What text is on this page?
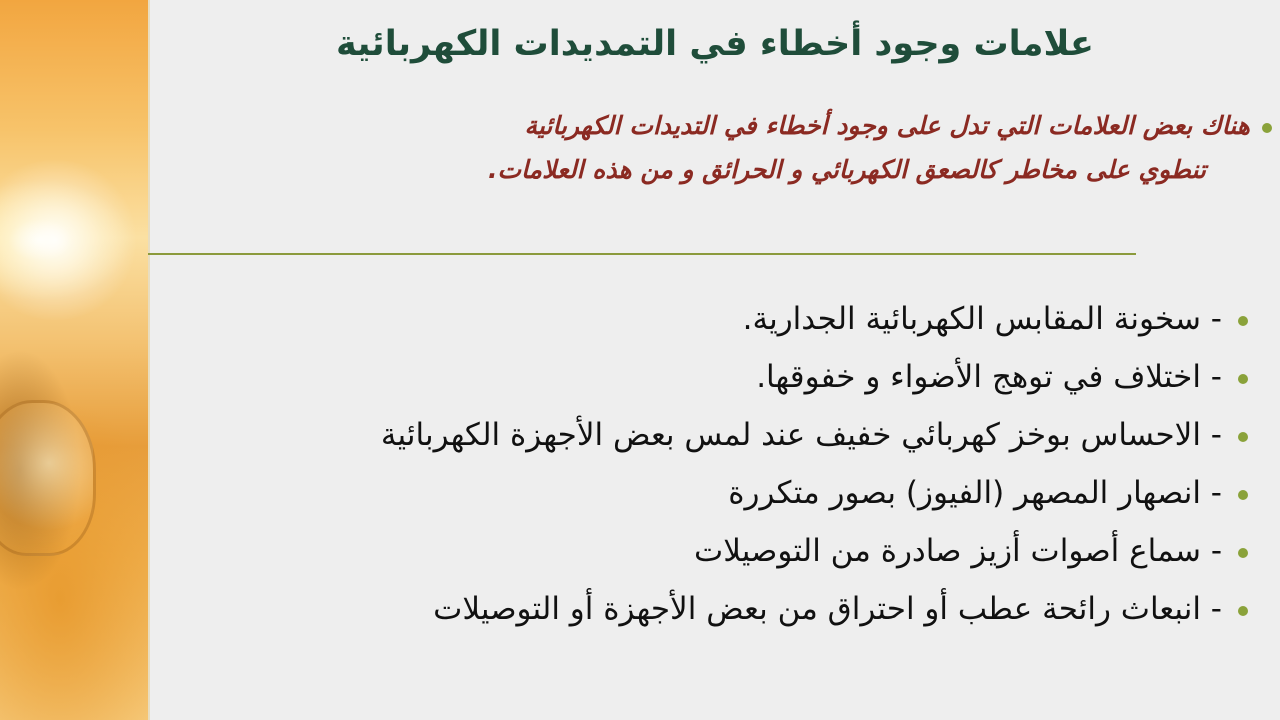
علامات وجود أخطاء في التمديدات الكهربائية
هناك بعض العلامات التي تدل على وجود أخطاء في التديدات الكهربائية
تنطوي على مخاطر كالصعق الكهربائي و الحرائق و من هذه العلامات.
- سخونة المقابس الكهربائية الجدارية.
- اختلاف في توهج الأضواء و خفوقها.
- الاحساس بوخز كهربائي خفيف عند لمس بعض الأجهزة الكهربائية
- انصهار المصهر (الفيوز) بصور متكررة
- سماع أصوات أزيز صادرة من التوصيلات
- انبعاث رائحة عطب أو احتراق من بعض الأجهزة أو التوصيلات
